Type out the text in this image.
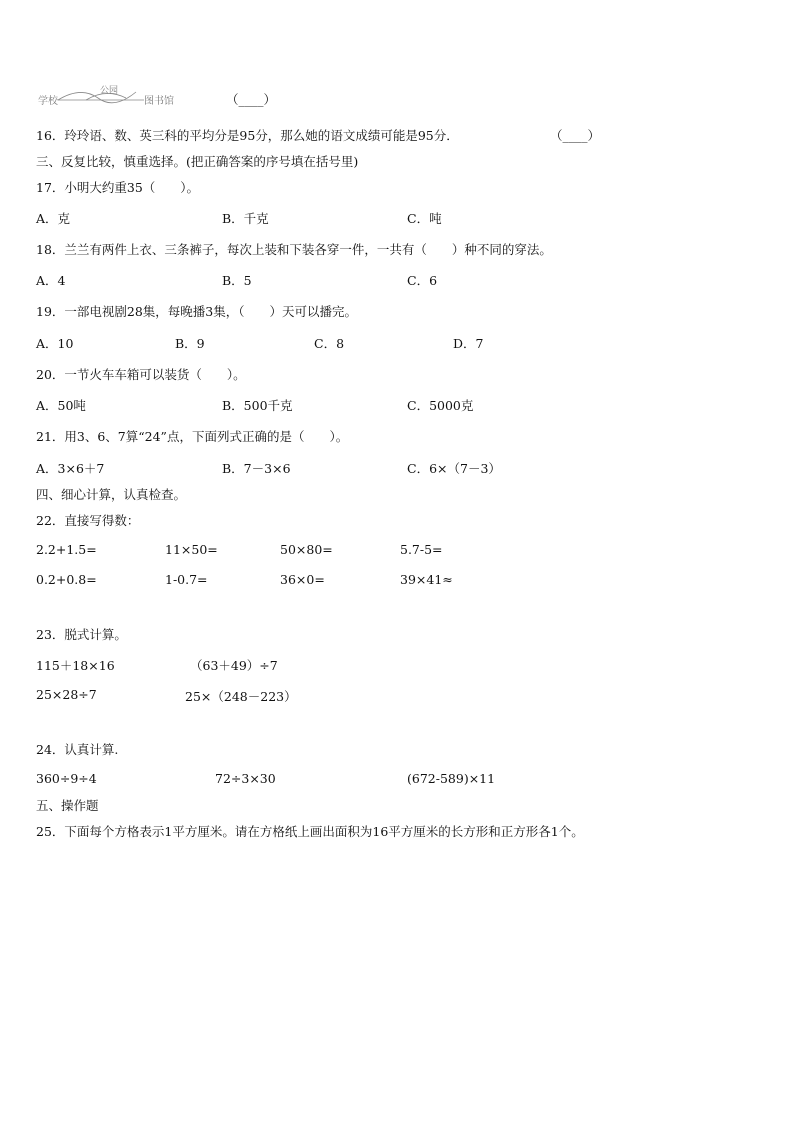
学校
公园
图书馆	（____）
16．玲玲语、数、英三科的平均分是95分，那么她的语文成绩可能是95分．	（____）
三、反复比较，慎重选择。(把正确答案的序号填在括号里)
17．小明大约重35（　　）。
A．克	B．千克	C．吨
18．兰兰有两件上衣、三条裤子，每次上装和下装各穿一件，一共有（　　）种不同的穿法。
A．4	B．5	C．6
19．一部电视剧28集，每晚播3集，（　　）天可以播完。
A．10	B．9	C．8	D．7
20．一节火车车箱可以装货（　　）。
A．50吨	B．500千克	C．5000克
21．用3、6、7算“24”点，下面列式正确的是（　　）。
A．3×6＋7	B．7－3×6	C．6×（7－3）
四、细心计算，认真检查。
22．直接写得数：
2.2+1.5=	11×50=	50×80=	5.7-5=
0.2+0.8=	1-0.7=	36×0=	39×41≈
23．脱式计算。
115＋18×16	（63＋49）÷7
25×28÷7	25×（248－223）
24．认真计算.
360÷9÷4	72÷3×30	(672-589)×11
五、操作题
25．下面每个方格表示1平方厘米。请在方格纸上画出面积为16平方厘米的长方形和正方形各1个。
